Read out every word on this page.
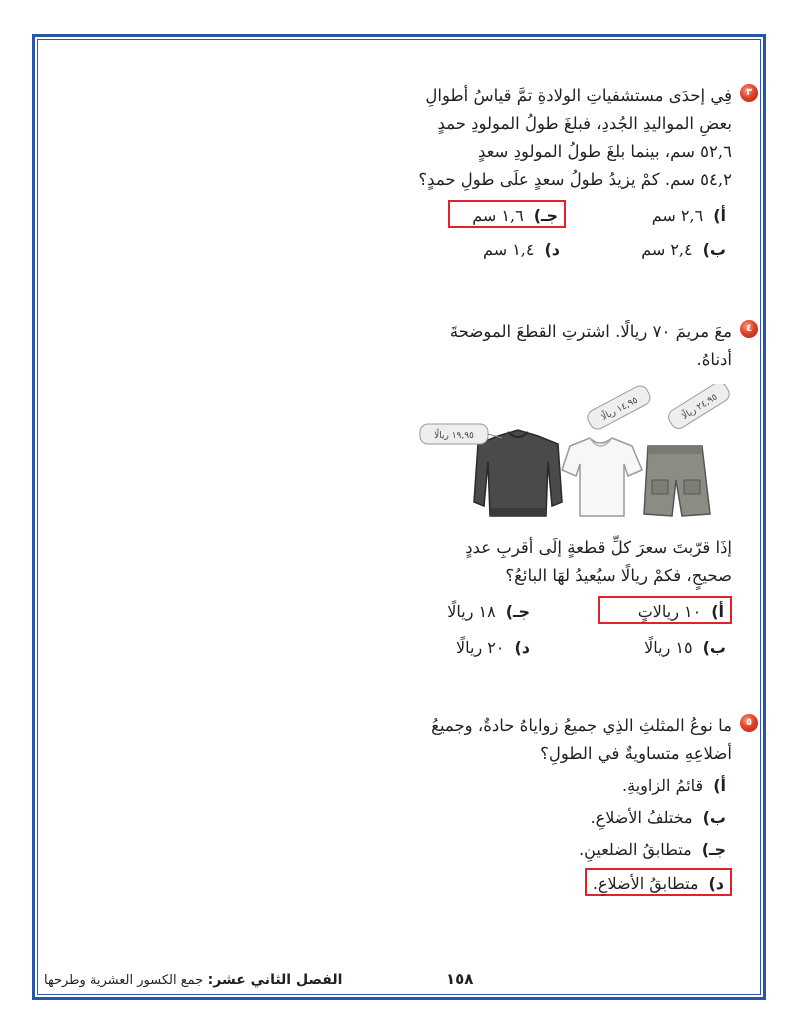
٣
فِي إحدَى مستشفياتِ الولادةِ تمَّ قياسُ أطوالِ
بعضِ المواليدِ الجُددِ، فبلغَ طولُ المولودِ حمدٍ
٥٢,٦ سم، بينما بلغَ طولُ المولودِ سعدٍ
٥٤,٢ سم. كمْ يزيدُ طولُ سعدٍ علَى طولِ حمدٍ؟
أ)٢,٦ سم
ب)٢,٤ سم
جـ)١,٦ سم
د)١,٤ سم
٤
معَ مريمَ ٧٠ ريالًا. اشترتِ القطعَ الموضحةَ
أدناهُ.
١٩,٩٥ ريالًا
١٤,٩٥ ريالًا	٢٤,٩٥ ريالًا
إذَا قرّبتَ سعرَ كلِّ قطعةٍ إلَى أقربِ عددٍ
صحيحٍ، فكمْ ريالًا سيُعيدُ لهَا البائعُ؟
أ)١٠ ريالاتٍ
ب)١٥ ريالًا
جـ)١٨ ريالًا
د)٢٠ ريالًا
٥
ما نوعُ المثلثِ الذِي جميعُ زواياهُ حادةٌ، وجميعُ
أضلاعِهِ متساويةٌ في الطولِ؟
أ)قائمُ الزاويةِ.
ب)مختلفُ الأضلاعِ.
جـ)متطابقُ الضلعينِ.
د)متطابقُ الأضلاعِ.
١٥٨
الفصل الثاني عشر: جمع الكسور العشرية وطرحها
